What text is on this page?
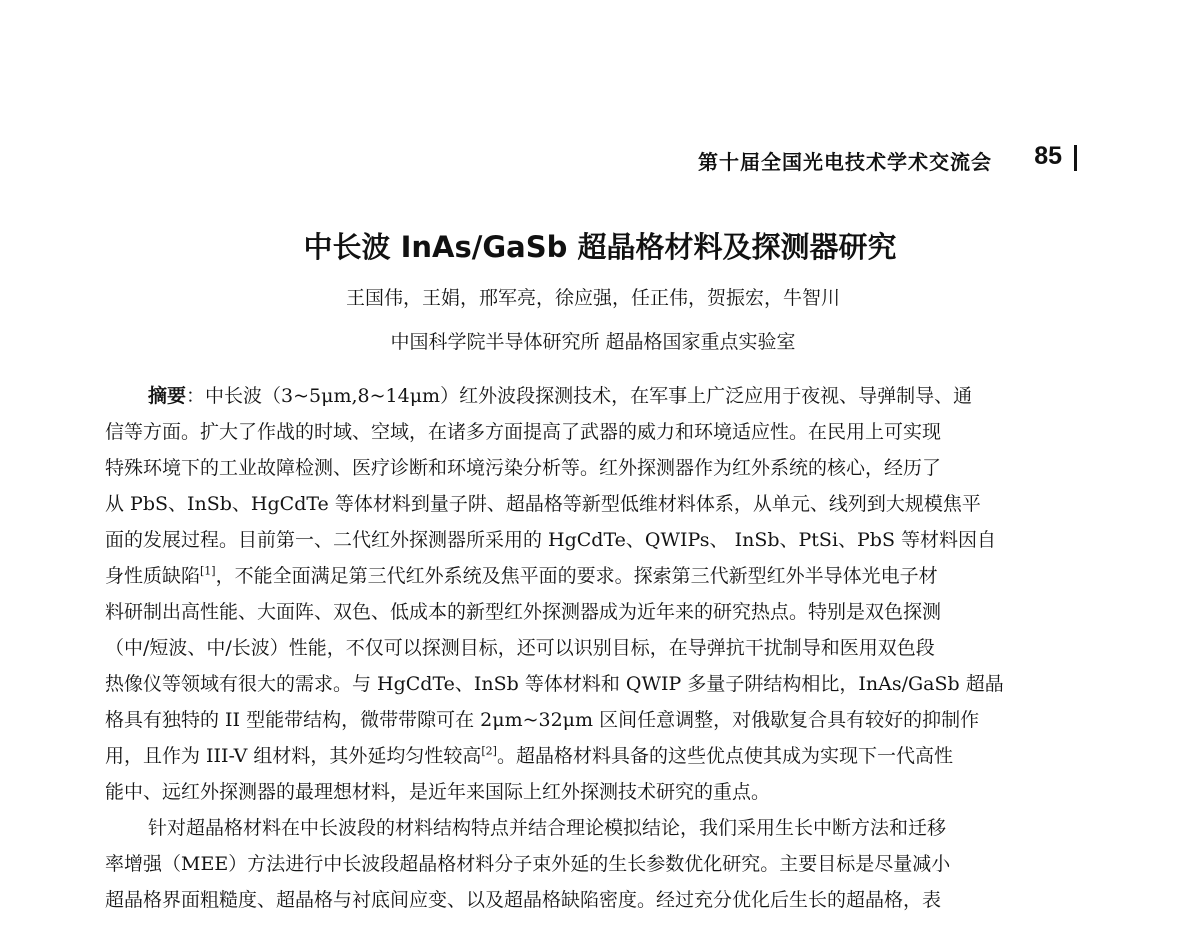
第十届全国光电技术学术交流会 85
中长波 InAs/GaSb 超晶格材料及探测器研究
王国伟，王娟，邢军亮，徐应强，任正伟，贺振宏，牛智川
中国科学院半导体研究所 超晶格国家重点实验室
摘要：中长波（3~5μm,8~14μm）红外波段探测技术，在军事上广泛应用于夜视、导弹制导、通
信等方面。扩大了作战的时域、空域，在诸多方面提高了武器的威力和环境适应性。在民用上可实现
特殊环境下的工业故障检测、医疗诊断和环境污染分析等。红外探测器作为红外系统的核心，经历了
从 PbS、InSb、HgCdTe 等体材料到量子阱、超晶格等新型低维材料体系，从单元、线列到大规模焦平
面的发展过程。目前第一、二代红外探测器所采用的 HgCdTe、QWIPs、 InSb、PtSi、PbS 等材料因自
身性质缺陷[1]，不能全面满足第三代红外系统及焦平面的要求。探索第三代新型红外半导体光电子材
料研制出高性能、大面阵、双色、低成本的新型红外探测器成为近年来的研究热点。特别是双色探测
（中/短波、中/长波）性能，不仅可以探测目标，还可以识别目标，在导弹抗干扰制导和医用双色段
热像仪等领域有很大的需求。与 HgCdTe、InSb 等体材料和 QWIP 多量子阱结构相比，InAs/GaSb 超晶
格具有独特的 II 型能带结构，微带带隙可在 2μm~32μm 区间任意调整，对俄歇复合具有较好的抑制作
用，且作为 III-V 组材料，其外延均匀性较高[2]。超晶格材料具备的这些优点使其成为实现下一代高性
能中、远红外探测器的最理想材料，是近年来国际上红外探测技术研究的重点。
针对超晶格材料在中长波段的材料结构特点并结合理论模拟结论，我们采用生长中断方法和迁移
率增强（MEE）方法进行中长波段超晶格材料分子束外延的生长参数优化研究。主要目标是尽量减小
超晶格界面粗糙度、超晶格与衬底间应变、以及超晶格缺陷密度。经过充分优化后生长的超晶格，表
